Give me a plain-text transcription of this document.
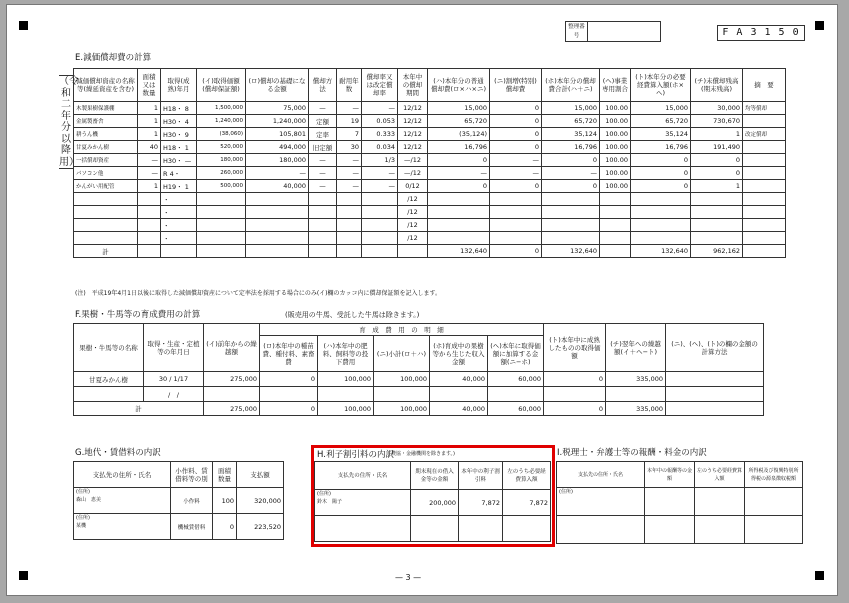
整理番号	F A 3 1 5 0
E.減価償却費の計算
（令和二年分以降用）
減価償却資産の名称等(繰延資産を含む)	面積又は数量	取得(成熟)年月	(イ)取得価額(償却保証額)	(ロ)償却の基礎になる金額	償却方法	耐用年数	償却率又は改定償却率	本年中の償却期間	(ハ)本年分の普通償却費(ロ×ハ×ニ)	(ニ)割増(特別)償却費	(ホ)本年分の償却費合計(ハ＋ニ)	(ヘ)事業専用割合	(ト)本年分の必要経費算入額(ホ×ヘ)	(チ)未償却残高(期末残高)	摘　要
木製果樹保護棚	1	H18・ 8	1,500,000	75,000	—	—	—	12/12	15,000	0	15,000	100.00	15,000	30,000	均等償却
金属製畜舎	1	H30・ 4	1,240,000	1,240,000	定額	19	0.053	12/12	65,720	0	65,720	100.00	65,720	730,670	
耕うん機	1	H30・ 9	(38,060)	105,801	定率	7	0.333	12/12	(35,124)	0	35,124	100.00	35,124	1	改定償却
甘夏みかん樹	40	H18・ 1	520,000	494,000	旧定額	30	0.034	12/12	16,796	0	16,796	100.00	16,796	191,490	
一括償却資産	—	H30・ —	180,000	180,000	—	—	1/3	—/12	0	—	0	100.00	0	0	
パソコン他	—	R 4・	260,000	—	—	—	—	—/12	—	—	—	100.00	0	0	
かんがい用配管	1	H19・ 1	500,000	40,000	—	—	—	0/12	0	0	0	100.00	0	1	
		・						/12							
		・						/12							
		・						/12							
		・						/12							
計									132,640	0	132,640		132,640	962,162	
(注)　平成19年4月1日以後に取得した減価償却資産について定率法を採用する場合にのみ(イ)欄のカッコ内に償却保証額を記入します。
F.果樹・牛馬等の育成費用の計算	(販売用の牛馬、受託した牛馬は除きます。)
果樹・牛馬等の名称	取得・生産・定植等の年月日	(イ)前年からの繰越額	育　成　費　用　の　明　細					(ト)本年中に成熟したものの取得価額	(チ)翌年への繰越額(イ＋ヘ−ト)	(ニ)、(ヘ)、(ト)の欄の金額の計算方法
			(ロ)本年中の種苗費、種付料、素畜費	(ハ)本年中の肥料、飼料等の投下費用	(ニ)小計(ロ＋ハ)	(ホ)育成中の果樹等から生じた収入金額	(ヘ)本年に取得価額に加算する金額(ニ−ホ)			
甘夏みかん樹	30 / 1/17	275,000	0	100,000	100,000	40,000	60,000	0	335,000	
	/　/									
計		275,000	0	100,000	100,000	40,000	60,000	0	335,000	
G.地代・賃借料の内訳
支払先の住所・氏名	小作料、賃借料等の別	面積数量	支払額

(住所)
森山　恵美	小作料	100	320,000

(住所)
某機	機械賃借料	0	223,520
H.利子割引料の内訳
(農協・金融機関を除きます。)
支払先の住所・氏名	期末現在の借入金等の金額	本年中の利子割引料	左のうち必要経費算入額

(住所)
鈴木　陽子	200,000	7,872	7,872

I.税理士・弁護士等の報酬・料金の内訳
支払先の住所・氏名	本年中の報酬等の金額	左のうち必要経費算入額	所得税及び復興特別所得税の源泉徴収税額

(住所)			

— 3 —
